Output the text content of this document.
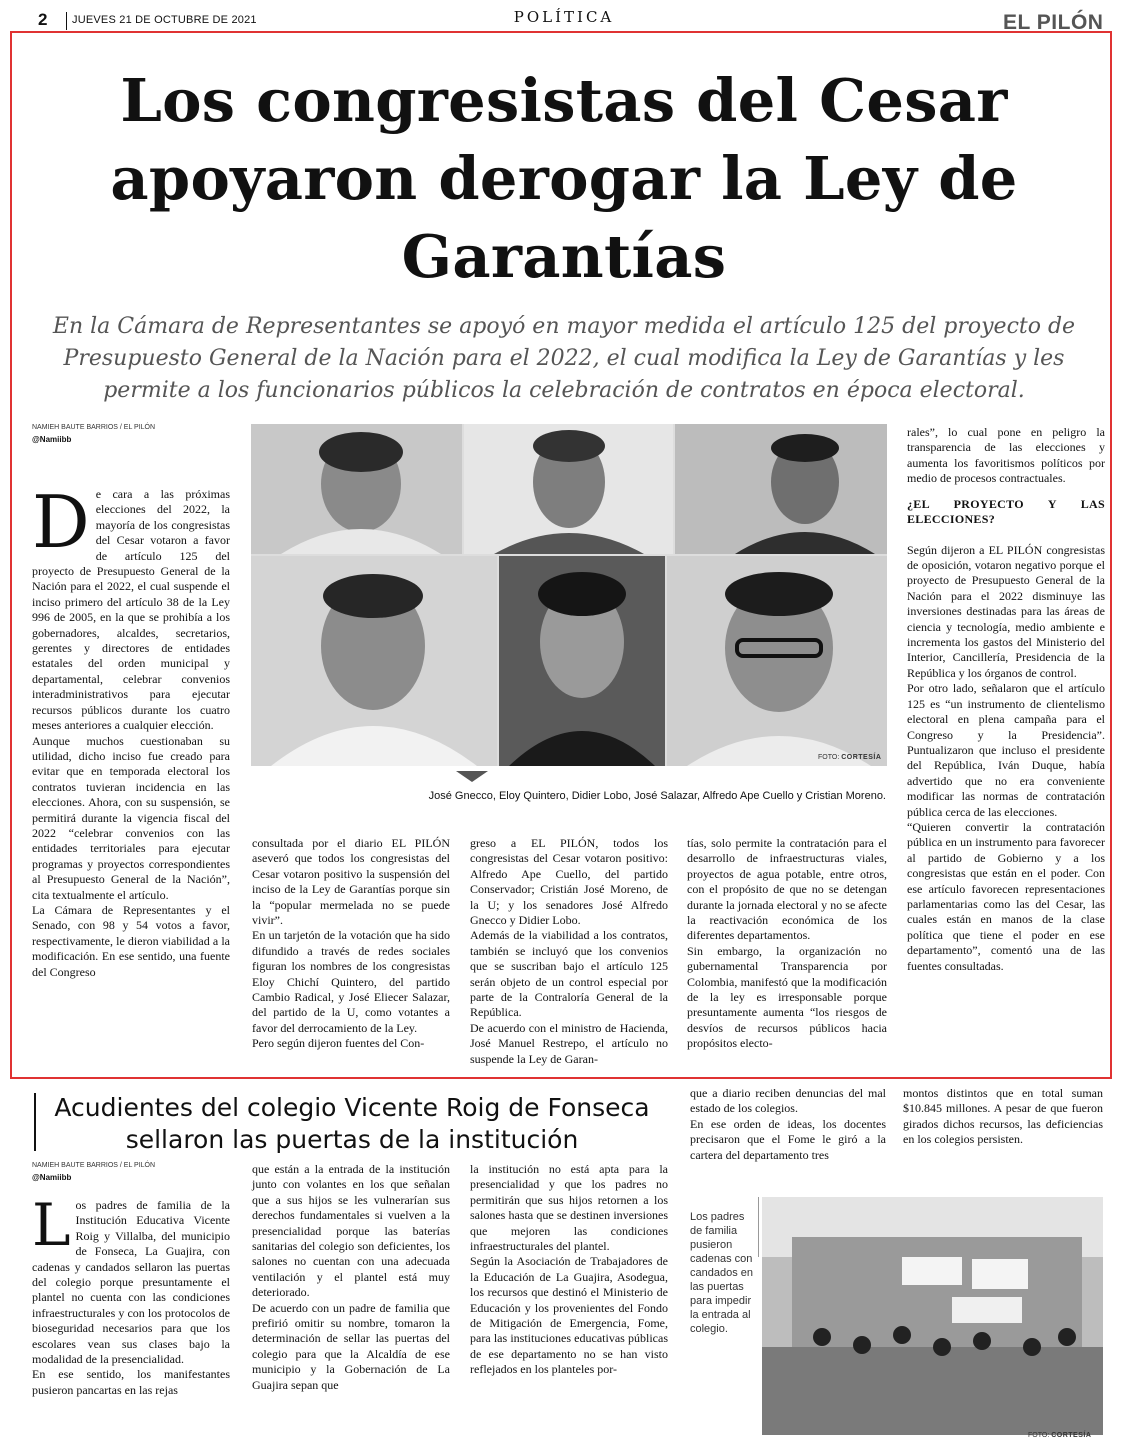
2 JUEVES 21 DE OCTUBRE DE 2021	POLÍTICA	EL PILÓN
Los congresistas del Cesar apoyaron derogar la Ley de Garantías
En la Cámara de Representantes se apoyó en mayor medida el artículo 125 del proyecto de Presupuesto General de la Nación para el 2022, el cual modifica la Ley de Garantías y les permite a los funcionarios públicos la celebración de contratos en época electoral.
NAMIEH BAUTE BARRIOS / EL PILÓN
@Namiibb
D e cara a las próximas elecciones del 2022, la mayoría de los congresistas del Cesar votaron a favor de artículo 125 del proyecto de Presupuesto General de la Nación para el 2022, el cual suspende el inciso primero del artículo 38 de la Ley 996 de 2005, en la que se prohibía a los gobernadores, alcaldes, secretarios, gerentes y directores de entidades estatales del orden municipal y departamental, celebrar convenios interadministrativos para ejecutar recursos públicos durante los cuatro meses anteriores a cualquier elección.

Aunque muchos cuestionaban su utilidad, dicho inciso fue creado para evitar que en temporada electoral los contratos tuvieran incidencia en las elecciones. Ahora, con su suspensión, se permitirá durante la vigencia fiscal del 2022 “celebrar convenios con las entidades territoriales para ejecutar programas y proyectos correspondientes al Presupuesto General de la Nación”, cita textualmente el artículo.

La Cámara de Representantes y el Senado, con 98 y 54 votos a favor, respectivamente, le dieron viabilidad a la modificación. En ese sentido, una fuente del Congreso

FOTO: CORTESÍA
José Gnecco, Eloy Quintero, Didier Lobo, José Salazar, Alfredo Ape Cuello y Cristian Moreno.

consultada por el diario EL PILÓN aseveró que todos los congresistas del Cesar votaron positivo la suspensión del inciso de la Ley de Garantías porque sin la “popular mermelada no se puede vivir”.

En un tarjetón de la votación que ha sido difundido a través de redes sociales figuran los nombres de los congresistas Eloy Chichí Quintero, del partido Cambio Radical, y José Eliecer Salazar, del partido de la U, como votantes a favor del derrocamiento de la Ley.

Pero según dijeron fuentes del Con-

greso a EL PILÓN, todos los congresistas del Cesar votaron positivo: Alfredo Ape Cuello, del partido Conservador; Cristián José Moreno, de la U; y los senadores José Alfredo Gnecco y Didier Lobo.

Además de la viabilidad a los contratos, también se incluyó que los convenios que se suscriban bajo el artículo 125 serán objeto de un control especial por parte de la Contraloría General de la República.

De acuerdo con el ministro de Hacienda, José Manuel Restrepo, el artículo no suspende la Ley de Garan-

tías, solo permite la contratación para el desarrollo de infraestructuras viales, proyectos de agua potable, entre otros, con el propósito de que no se detengan durante la jornada electoral y no se afecte la reactivación económica de los diferentes departamentos.

Sin embargo, la organización no gubernamental Transparencia por Colombia, manifestó que la modificación de la ley es irresponsable porque presuntamente aumenta “los riesgos de desvíos de recursos públicos hacia propósitos electo-

rales”, lo cual pone en peligro la transparencia de las elecciones y aumenta los favoritismos políticos por medio de procesos contractuales.

¿EL PROYECTO Y LAS ELECCIONES?

Según dijeron a EL PILÓN congresistas de oposición, votaron negativo porque el proyecto de Presupuesto General de la Nación para el 2022 disminuye las inversiones destinadas para las áreas de ciencia y tecnología, medio ambiente e incrementa los gastos del Ministerio del Interior, Cancillería, Presidencia de la República y los órganos de control.

Por otro lado, señalaron que el artículo 125 es “un instrumento de clientelismo electoral en plena campaña para el Congreso y la Presidencia”. Puntualizaron que incluso el presidente del República, Iván Duque, había advertido que no era conveniente modificar las normas de contratación pública cerca de las elecciones.

“Quieren convertir la contratación pública en un instrumento para favorecer al partido de Gobierno y a los congresistas que están en el poder. Con ese artículo favorecen representaciones parlamentarias como las del Cesar, las cuales están en manos de la clase política que tiene el poder en ese departamento”, comentó una de las fuentes consultadas.

Acudientes del colegio Vicente Roig de Fonseca sellaron las puertas de la institución
NAMIEH BAUTE BARRIOS / EL PILÓN
@Namiibb
L os padres de familia de la Institución Educativa Vicente Roig y Villalba, del municipio de Fonseca, La Guajira, con cadenas y candados sellaron las puertas del colegio porque presuntamente el plantel no cuenta con las condiciones infraestructurales y con los protocolos de bioseguridad necesarios para que los escolares vean sus clases bajo la modalidad de la presencialidad.

En ese sentido, los manifestantes pusieron pancartas en las rejas

que están a la entrada de la institución junto con volantes en los que señalan que a sus hijos se les vulnerarían sus derechos fundamentales si vuelven a la presencialidad porque las baterías sanitarias del colegio son deficientes, los salones no cuentan con una adecuada ventilación y el plantel está muy deteriorado.

De acuerdo con un padre de familia que prefirió omitir su nombre, tomaron la determinación de sellar las puertas del colegio para que la Alcaldía de ese municipio y la Gobernación de La Guajira sepan que

la institución no está apta para la presencialidad y que los padres no permitirán que sus hijos retornen a los salones hasta que se destinen inversiones que mejoren las condiciones infraestructurales del plantel.

Según la Asociación de Trabajadores de la Educación de La Guajira, Asodegua, los recursos que destinó el Ministerio de Educación y los provenientes del Fondo de Mitigación de Emergencia, Fome, para las instituciones educativas públicas de ese departamento no se han visto reflejados en los planteles por-

que a diario reciben denuncias del mal estado de los colegios.

En ese orden de ideas, los docentes precisaron que el Fome le giró a la cartera del departamento tres

montos distintos que en total suman $10.845 millones. A pesar de que fueron girados dichos recursos, las deficiencias en los colegios persisten.

Los padres de familia pusieron cadenas con candados en las puertas para impedir la entrada al colegio.
FOTO: CORTESÍA
